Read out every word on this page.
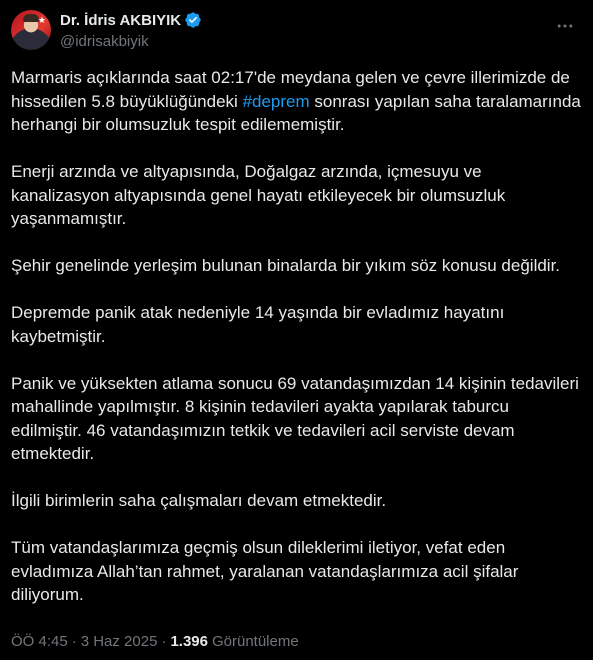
★ Dr. İdris AKBIYIK
@idrisakbiyik

Marmaris açıklarında saat 02:17'de meydana gelen ve çevre illerimizde de hissedilen 5.8 büyüklüğündeki #deprem sonrası yapılan saha taralamarında herhangi bir olumsuzluk tespit edilememiştir.

Enerji arzında ve altyapısında, Doğalgaz arzında, içmesuyu ve kanalizasyon altyapısında genel hayatı etkileyecek bir olumsuzluk yaşanmamıştır.

Şehir genelinde yerleşim bulunan binalarda bir yıkım söz konusu değildir.

Depremde panik atak nedeniyle 14 yaşında bir evladımız hayatını kaybetmiştir.

Panik ve yüksekten atlama sonucu 69 vatandaşımızdan 14 kişinin tedavileri mahallinde yapılmıştır. 8 kişinin tedavileri ayakta yapılarak taburcu edilmiştir. 46 vatandaşımızın tetkik ve tedavileri acil serviste devam etmektedir.

İlgili birimlerin saha çalışmaları devam etmektedir.

Tüm vatandaşlarımıza geçmiş olsun dileklerimi iletiyor, vefat eden evladımıza Allah’tan rahmet, yaralanan vatandaşlarımıza acil şifalar diliyorum.

ÖÖ 4:45 · 3 Haz 2025 · 1.396 Görüntüleme
